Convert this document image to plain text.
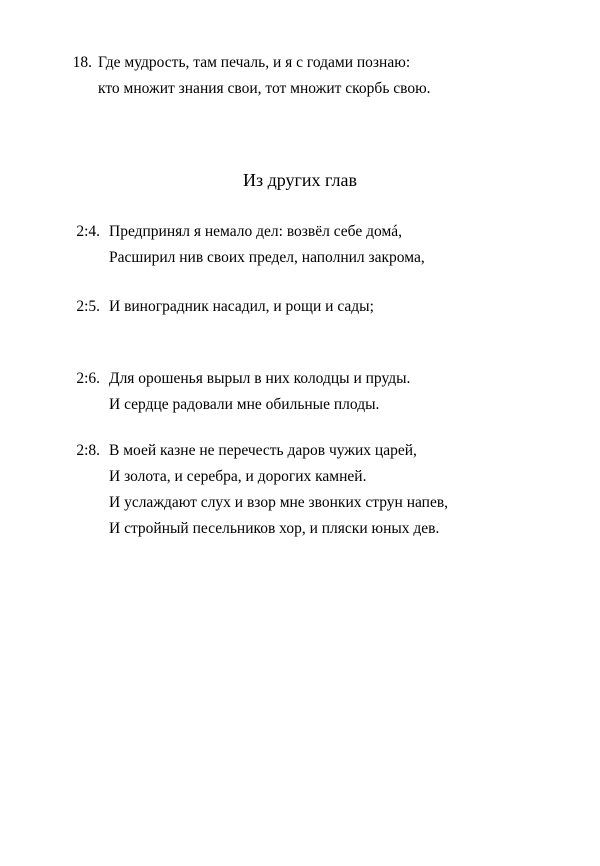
18. Где мудрость, там печаль, и я с годами познаю:
кто множит знания свои, тот множит скорбь свою.
Из других глав
2:4. Предпринял я немало дел: возвёл себе домá,
Расширил нив своих предел, наполнил закрома,
2:5. И виноградник насадил, и рощи и сады;
2:6. Для орошенья вырыл в них колодцы и пруды.
И сердце радовали мне обильные плоды.
2:8. В моей казне не перечесть даров чужих царей,
И золота, и серебра, и дорогих камней.
И услаждают слух и взор мне звонких струн напев,
И стройный песельников хор, и пляски юных дев.
